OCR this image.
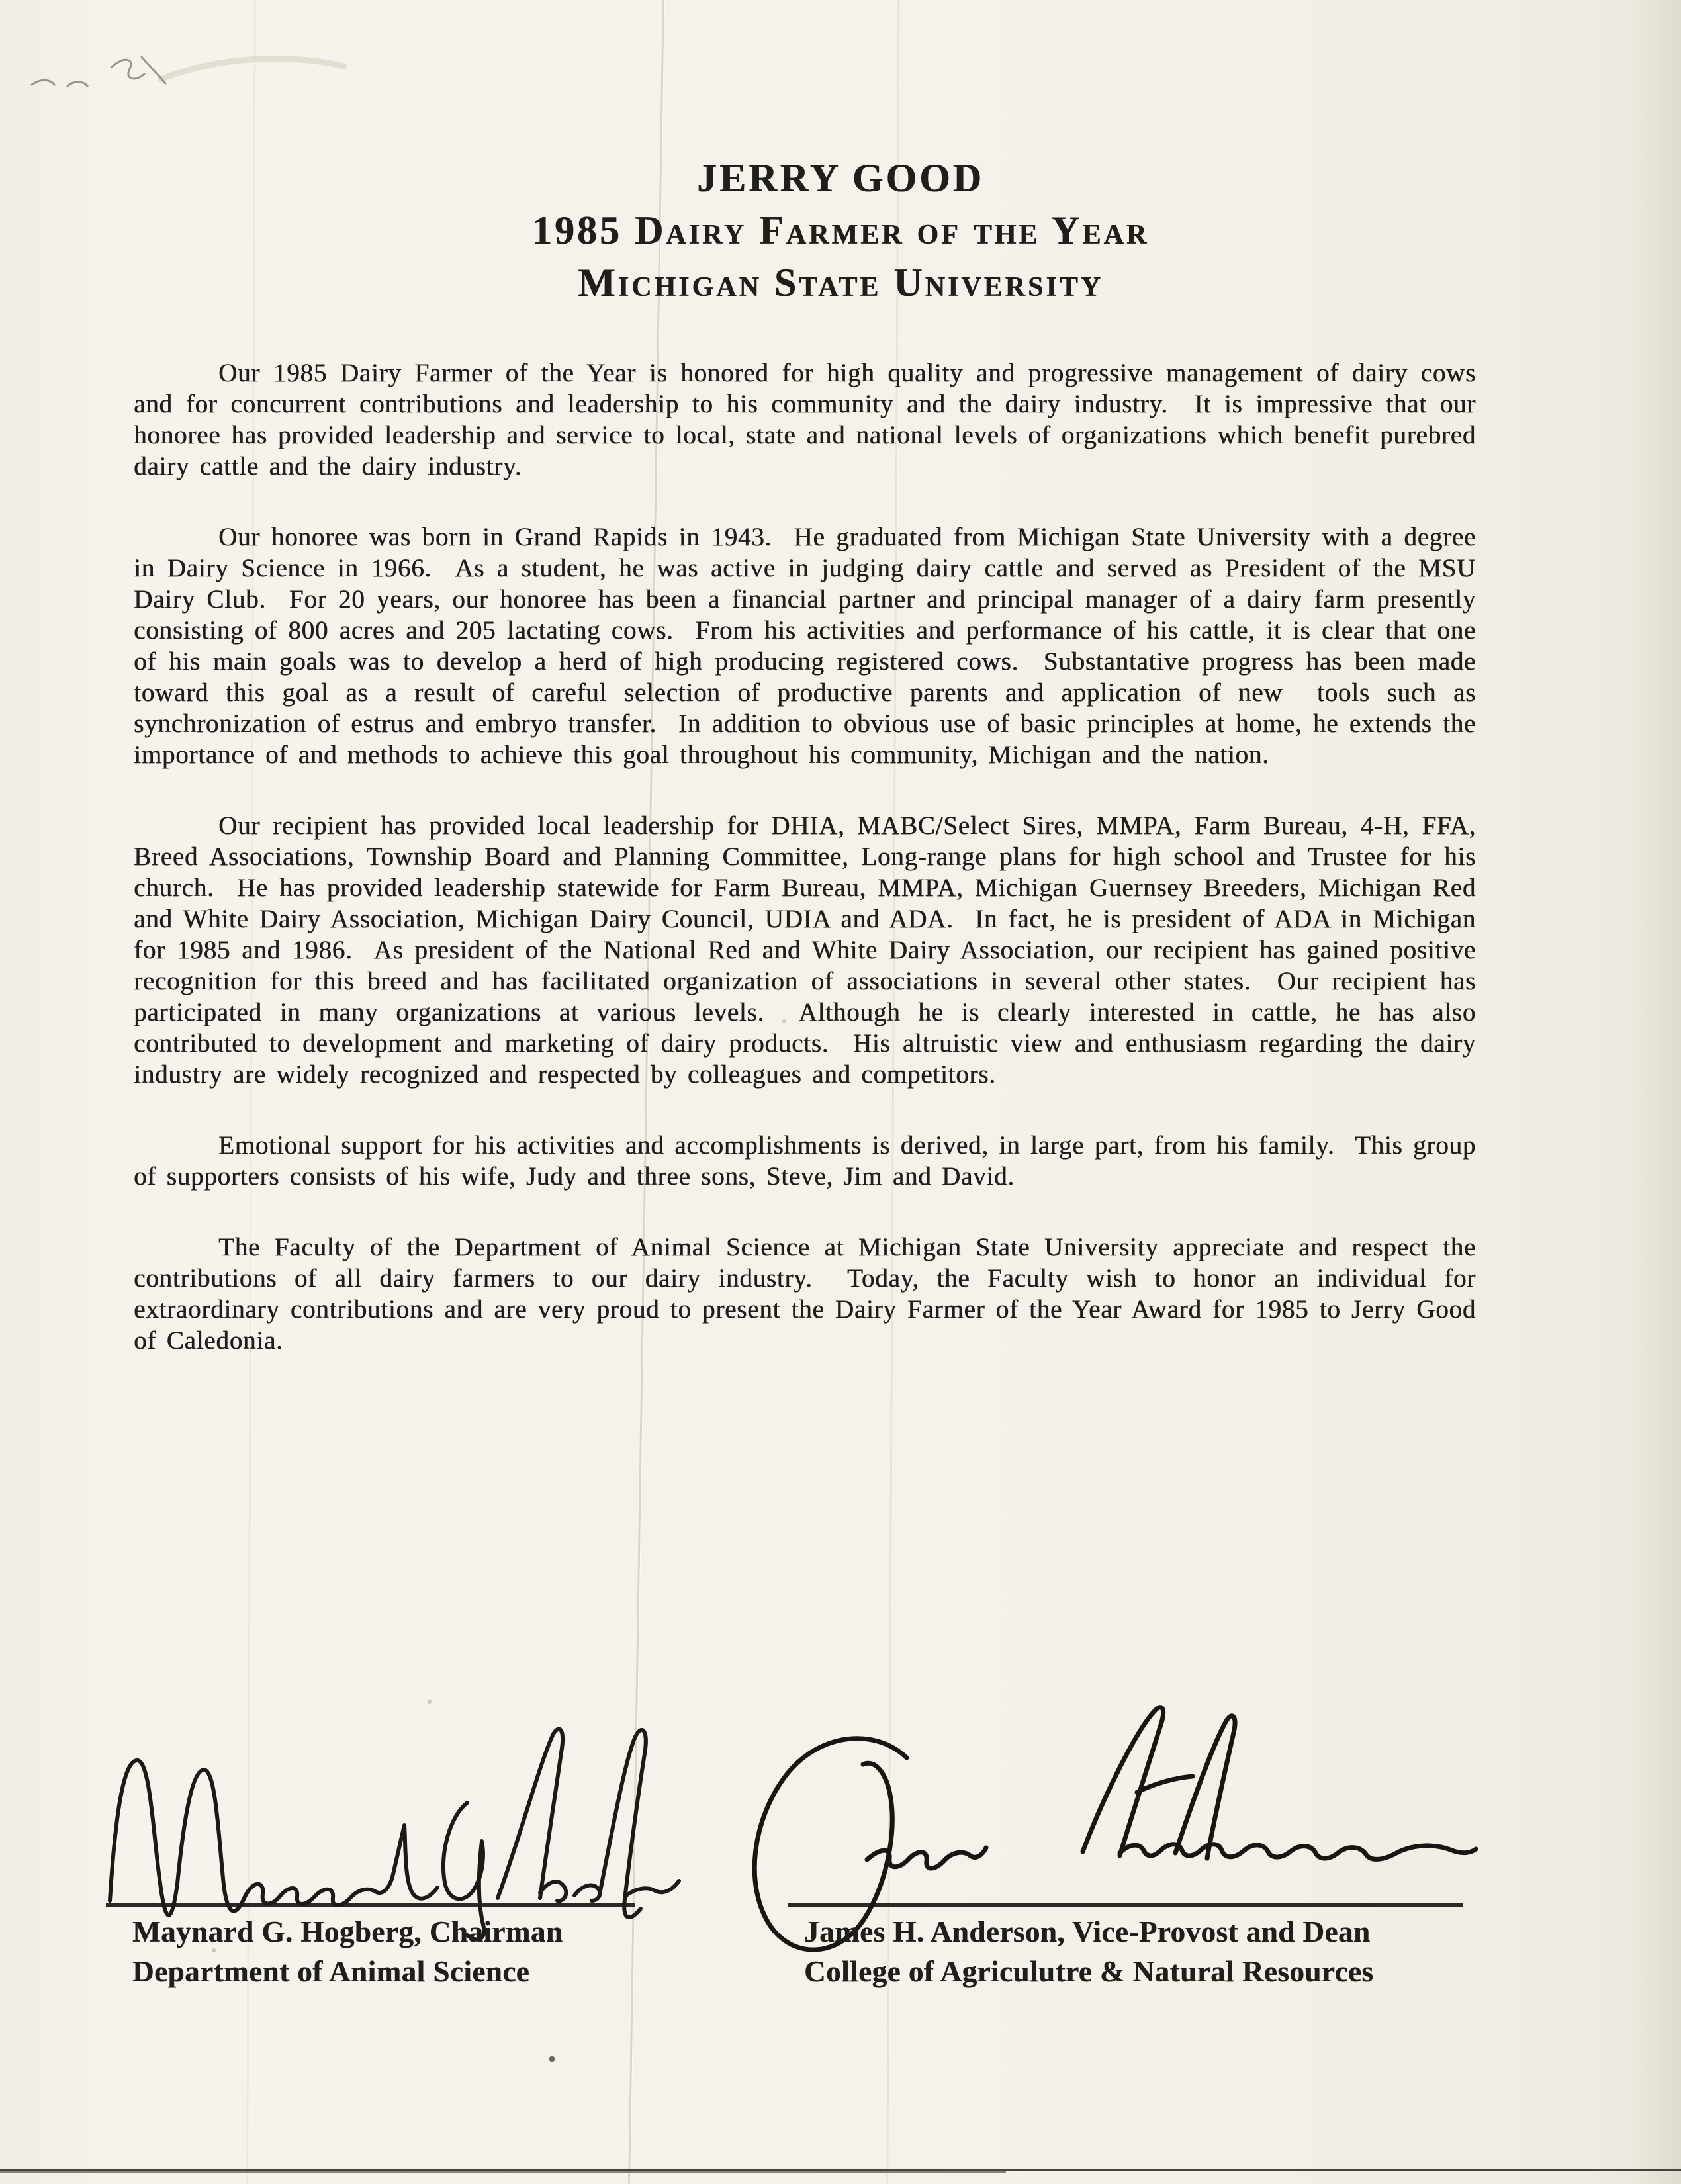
JERRY GOOD
1985 Dairy Farmer of the Year
Michigan State University

Our 1985 Dairy Farmer of the Year is honored for high quality and progressive management of dairy cows and for concurrent contributions and leadership to his community and the dairy industry.  It is impressive that our honoree has provided leadership and service to local, state and national levels of organizations which benefit purebred dairy cattle and the dairy industry.

Our honoree was born in Grand Rapids in 1943.  He graduated from Michigan State University with a degree in Dairy Science in 1966.  As a student, he was active in judging dairy cattle and served as President of the MSU Dairy Club.  For 20 years, our honoree has been a financial partner and principal manager of a dairy farm presently consisting of 800 acres and 205 lactating cows.  From his activities and performance of his cattle, it is clear that one of his main goals was to develop a herd of high producing registered cows.  Substantative progress has been made toward this goal as a result of careful selection of productive parents and application of new  tools such as synchronization of estrus and embryo transfer.  In addition to obvious use of basic principles at home, he extends the importance of and methods to achieve this goal throughout his community, Michigan and the nation.

Our recipient has provided local leadership for DHIA, MABC/Select Sires, MMPA, Farm Bureau, 4-H, FFA, Breed Associations, Township Board and Planning Committee, Long-range plans for high school and Trustee for his church.  He has provided leadership statewide for Farm Bureau, MMPA, Michigan Guernsey Breeders, Michigan Red and White Dairy Association, Michigan Dairy Council, UDIA and ADA.  In fact, he is president of ADA in Michigan for 1985 and 1986.  As president of the National Red and White Dairy Association, our recipient has gained positive recognition for this breed and has facilitated organization of associations in several other states.  Our recipient has participated in many organizations at various levels.  Although he is clearly interested in cattle, he has also contributed to development and marketing of dairy products.  His altruistic view and enthusiasm regarding the dairy industry are widely recognized and respected by colleagues and competitors.

Emotional support for his activities and accomplishments is derived, in large part, from his family.  This group of supporters consists of his wife, Judy and three sons, Steve, Jim and David.

The Faculty of the Department of Animal Science at Michigan State University appreciate and respect the contributions of all dairy farmers to our dairy industry.  Today, the Faculty wish to honor an individual for extraordinary contributions and are very proud to present the Dairy Farmer of the Year Award for 1985 to Jerry Good of Caledonia.

Maynard G. Hogberg, Chairman
Department of Animal Science
James H. Anderson, Vice-Provost and Dean
College of Agriculutre & Natural Resources
